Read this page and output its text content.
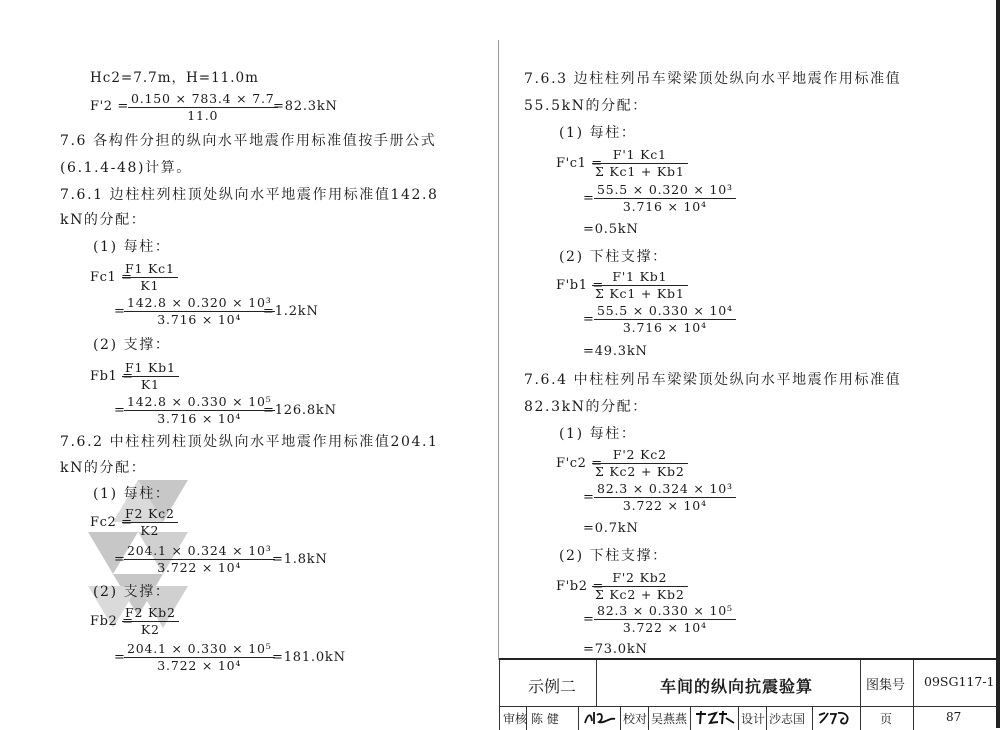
Hc2=7.7m，H=11.0m
$F'2 = \frac{0.150 \times 783.4 \times 7.7}{11.0}$
=82.3kN
7.6 各构件分担的纵向水平地震作用标准值按手册公式
(6.1.4-48)计算。
7.6.1 边柱柱列柱顶处纵向水平地震作用标准值142.8
kN的分配：
(1) 每柱：
Fc1 =
$\frac{F1 Kc1}{K1}$
=
$\frac{\text{142.8 × 0.320 × 10³}}{\text{3.716 × 10⁴}}$
=1.2kN
(2) 支撑：
Fb1 =
$\frac{F1 Kb1}{K1}$
=
$\frac{\text{142.8 × 0.330 × 10⁵}}{\text{3.716 × 10⁴}}$
=126.8kN
7.6.2 中柱柱列柱顶处纵向水平地震作用标准值204.1
kN的分配：
(1) 每柱：
Fc2 =
$\frac{F2 Kc2}{K2}$
=
$\frac{\text{204.1 × 0.324 × 10³}}{\text{3.722 × 10⁴}}$
=1.8kN
(2) 支撑：
Fb2 =
$\frac{F2 Kb2}{K2}$
=
$\frac{\text{204.1 × 0.330 × 10⁵}}{\text{3.722 × 10⁴}}$
=181.0kN
7.6.3 边柱柱列吊车梁梁顶处纵向水平地震作用标准值
55.5kN的分配：
(1) 每柱：
F'c1 =
$\frac{F'1 Kc1}{\text{Σ Kc1 + Kb1}}$
= $\frac{\text{55.5 × 0.320 × 10³}}{\text{3.716 × 10⁴}}$
=0.5kN
(2) 下柱支撑：
F'b1 =
$\frac{F'1 Kb1}{\text{Σ Kc1 + Kb1}}$
= $\frac{\text{55.5 × 0.330 × 10⁴}}{\text{3.716 × 10⁴}}$
=49.3kN
7.6.4 中柱柱列吊车梁梁顶处纵向水平地震作用标准值
82.3kN的分配：
(1) 每柱：
F'c2 =
$\frac{F'2 Kc2}{\text{Σ Kc2 + Kb2}}$
= $\frac{\text{82.3 × 0.324 × 10³}}{\text{3.722 × 10⁴}}$
=0.7kN
(2) 下柱支撑：
F'b2 =
$\frac{F'2 Kb2}{\text{Σ Kc2 + Kb2}}$
= $\frac{\text{82.3 × 0.330 × 10⁵}}{\text{3.722 × 10⁴}}$
=73.0kN
示例二	车间的纵向抗震验算	图集号 09SG117-1
审核 陈 健	校对 吴燕燕	设计 沙志国	页	87
